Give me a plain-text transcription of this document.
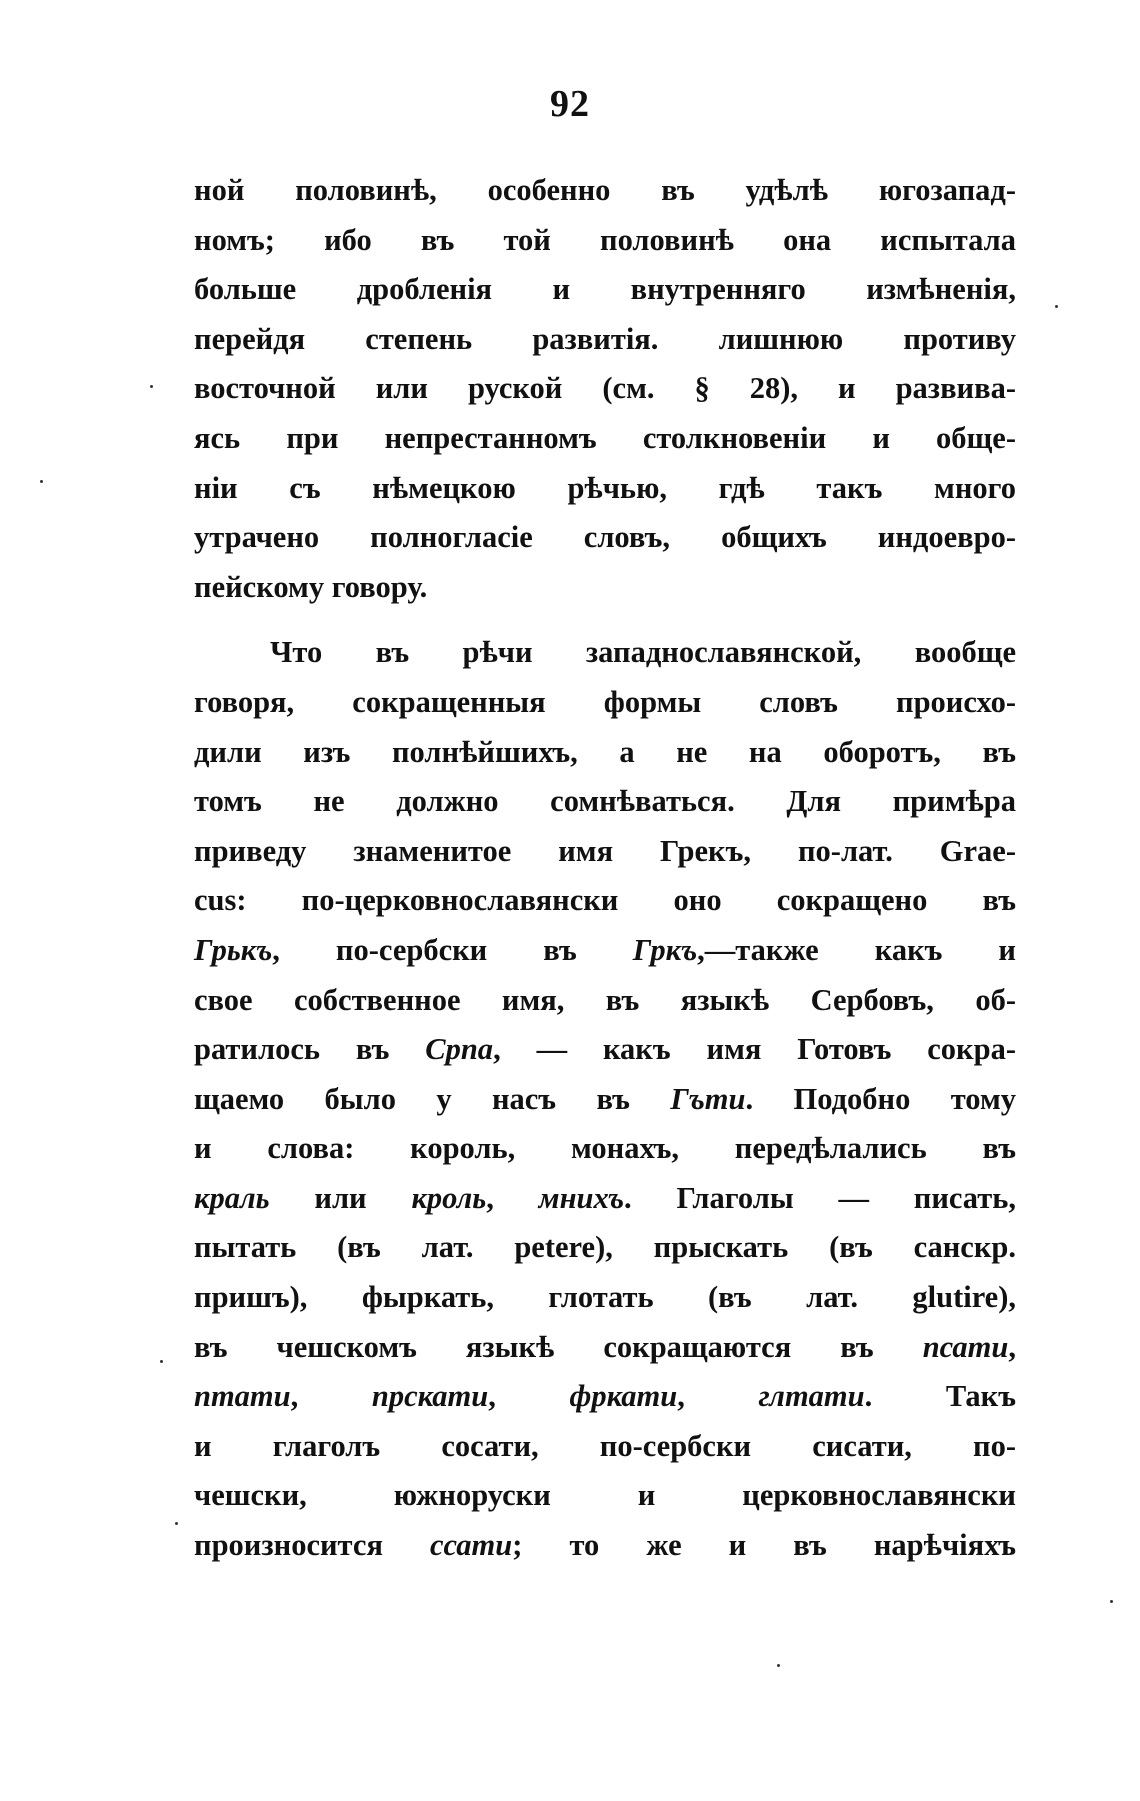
92
ной половинѣ, особенно въ удѣлѣ югозапад-
номъ; ибо въ той половинѣ она испытала
больше дробленія и внутренняго измѣненія,
перейдя степень развитія. лишнюю противу
восточной или руской (см. § 28), и развива-
ясь при непрестанномъ столкновеніи и обще-
ніи съ нѣмецкою рѣчью, гдѣ такъ много
утрачено полногласіе словъ, общихъ индоевро-
пейскому говору.
Что въ рѣчи западнославянской, вообще
говоря, сокращенныя формы словъ происхо-
дили изъ полнѣйшихъ, а не на оборотъ, въ
томъ не должно сомнѣваться. Для примѣра
приведу знаменитое имя Грекъ, по-лат. Grae-
cus: по-церковнославянски оно сокращено въ
Грькъ, по-сербски въ Гркъ,—также какъ и
свое собственное имя, въ языкѣ Сербовъ, об-
ратилось въ Срnа, — какъ имя Готовъ сокра-
щаемо было у насъ въ Гъти. Подобно тому
и слова: король, монахъ, передѣлались въ
краль или кроль, мнихъ. Глаголы — писать,
пытать (въ лат. petere), прыскать (въ санскр.
пришъ), фыркать, глотать (въ лат. glutire),
въ чешскомъ языкѣ сокращаются въ псати,
птати, прскати, фркати, глтати. Такъ
и глаголъ сосати, по-сербски сисати, по-
чешски, южноруски и церковнославянски
произносится ссати; то же и въ нарѣчіяхъ
